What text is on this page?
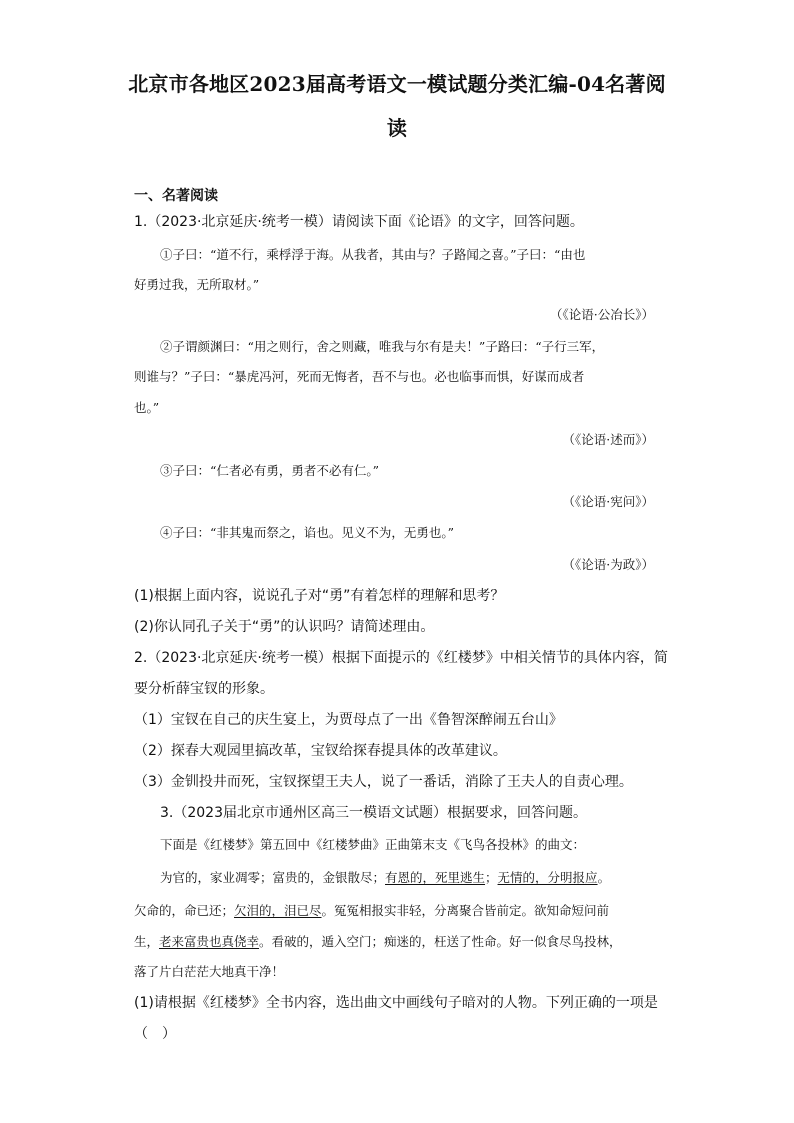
北京市各地区2023届高考语文一模试题分类汇编-04名著阅
读
一、名著阅读
1.（2023·北京延庆·统考一模）请阅读下面《论语》的文字，回答问题。
①子曰：“道不行，乘桴浮于海。从我者，其由与？子路闻之喜。”子曰：“由也
好勇过我，无所取材。”
（《论语·公冶长》）
②子谓颜渊曰：“用之则行，舍之则藏，唯我与尔有是夫！”子路曰：“子行三军，
则谁与？”子曰：“暴虎冯河，死而无悔者，吾不与也。必也临事而惧，好谋而成者
也。”
（《论语·述而》）
③子曰：“仁者必有勇，勇者不必有仁。”
（《论语·宪问》）
④子曰：“非其鬼而祭之，谄也。见义不为，无勇也。”
（《论语·为政》）
(1)根据上面内容，说说孔子对“勇”有着怎样的理解和思考？
(2)你认同孔子关于“勇”的认识吗？请简述理由。
2.（2023·北京延庆·统考一模）根据下面提示的《红楼梦》中相关情节的具体内容，简
要分析薛宝钗的形象。
（1）宝钗在自己的庆生宴上，为贾母点了一出《鲁智深醉闹五台山》
（2）探春大观园里搞改革，宝钗给探春提具体的改革建议。
（3）金钏投井而死，宝钗探望王夫人，说了一番话，消除了王夫人的自责心理。
3.（2023届北京市通州区高三一模语文试题）根据要求，回答问题。
下面是《红楼梦》第五回中《红楼梦曲》正曲第末支《飞鸟各投林》的曲文：
为官的，家业凋零；富贵的，金银散尽；有恩的，死里逃生；无情的，分明报应。
欠命的，命已还；欠泪的，泪已尽。冤冤相报实非轻，分离聚合皆前定。欲知命短问前
生，老来富贵也真侥幸。看破的，遁入空门；痴迷的，枉送了性命。好一似食尽鸟投林，
落了片白茫茫大地真干净！
(1)请根据《红楼梦》全书内容，选出曲文中画线句子暗对的人物。下列正确的一项是
（　）
